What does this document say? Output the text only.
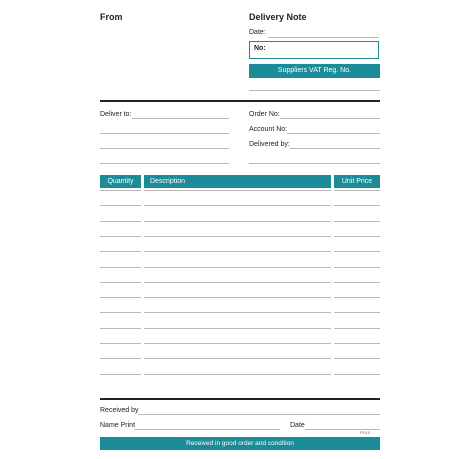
From	Delivery Note
Date:
No:
Suppliers VAT Reg. No.
Deliver to:	Order No:
Account No:
Delivered by:
Quantity	Description	Unit Price
Received by
Name Print	Date
PD10
Received in good order and condition
